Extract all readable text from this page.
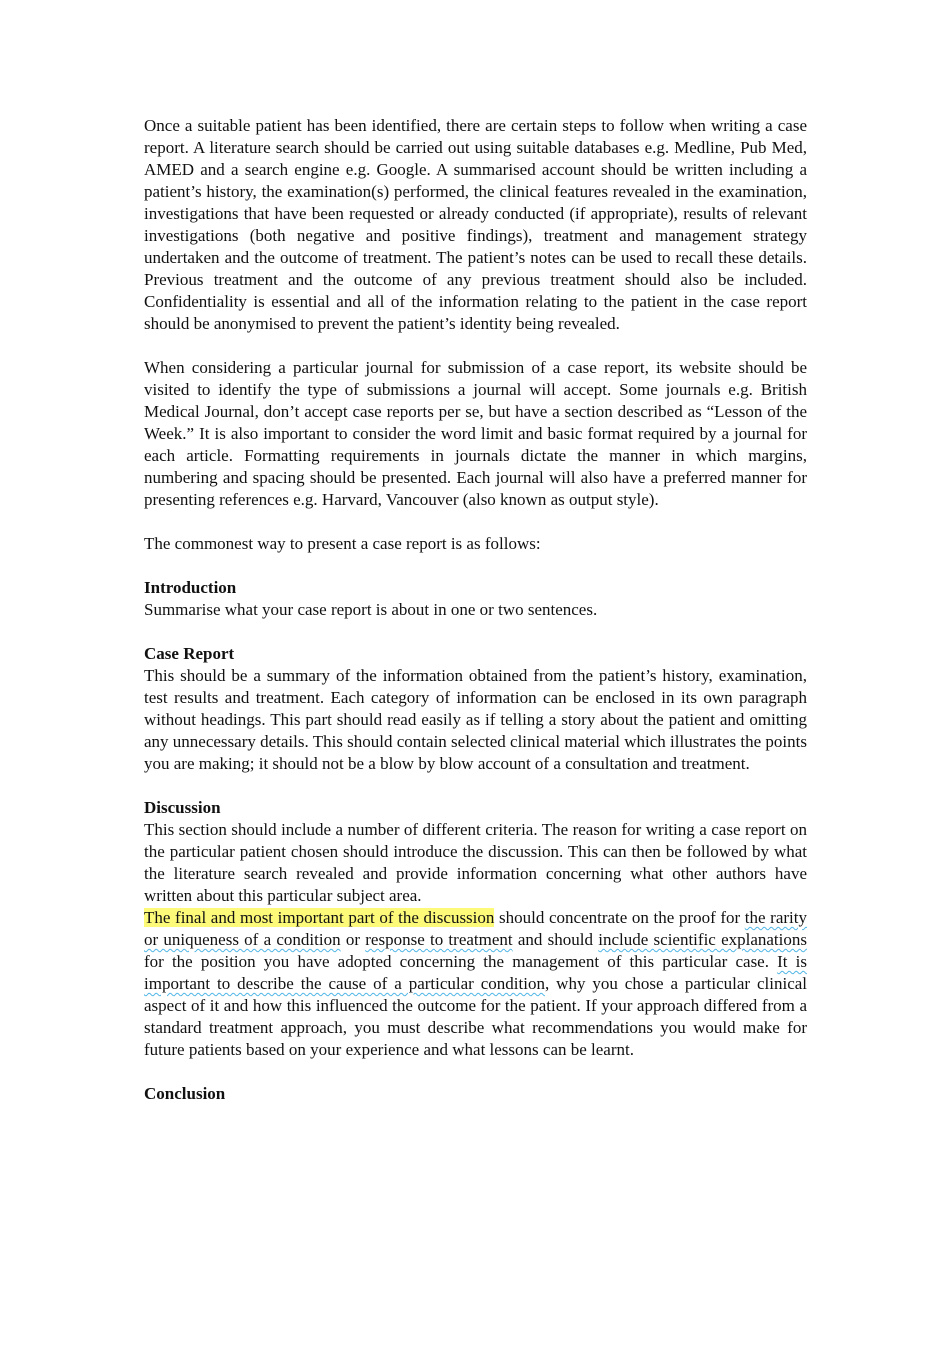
Once a suitable patient has been identified, there are certain steps to follow when writing a case report. A literature search should be carried out using suitable databases e.g. Medline, Pub Med, AMED and a search engine e.g. Google. A summarised account should be written including a patient’s history, the examination(s) performed, the clinical features revealed in the examination, investigations that have been requested or already conducted (if appropriate), results of relevant investigations (both negative and positive findings), treatment and management strategy undertaken and the outcome of treatment. The patient’s notes can be used to recall these details. Previous treatment and the outcome of any previous treatment should also be included. Confidentiality is essential and all of the information relating to the patient in the case report should be anonymised to prevent the patient’s identity being revealed.

When considering a particular journal for submission of a case report, its website should be visited to identify the type of submissions a journal will accept. Some journals e.g. British Medical Journal, don’t accept case reports per se, but have a section described as “Lesson of the Week.” It is also important to consider the word limit and basic format required by a journal for each article. Formatting requirements in journals dictate the manner in which margins, numbering and spacing should be presented. Each journal will also have a preferred manner for presenting references e.g. Harvard, Vancouver (also known as output style).

The commonest way to present a case report is as follows:

Introduction

Summarise what your case report is about in one or two sentences.

Case Report

This should be a summary of the information obtained from the patient’s history, examination, test results and treatment. Each category of information can be enclosed in its own paragraph without headings. This part should read easily as if telling a story about the patient and omitting any unnecessary details. This should contain selected clinical material which illustrates the points you are making; it should not be a blow by blow account of a consultation and treatment.

Discussion

This section should include a number of different criteria. The reason for writing a case report on the particular patient chosen should introduce the discussion. This can then be followed by what the literature search revealed and provide information concerning what other authors have written about this particular subject area.

The final and most important part of the discussion should concentrate on the proof for the rarity or uniqueness of a condition or response to treatment and should include scientific explanations for the position you have adopted concerning the management of this particular case. It is important to describe the cause of a particular condition, why you chose a particular clinical aspect of it and how this influenced the outcome for the patient. If your approach differed from a standard treatment approach, you must describe what recommendations you would make for future patients based on your experience and what lessons can be learnt.

Conclusion
